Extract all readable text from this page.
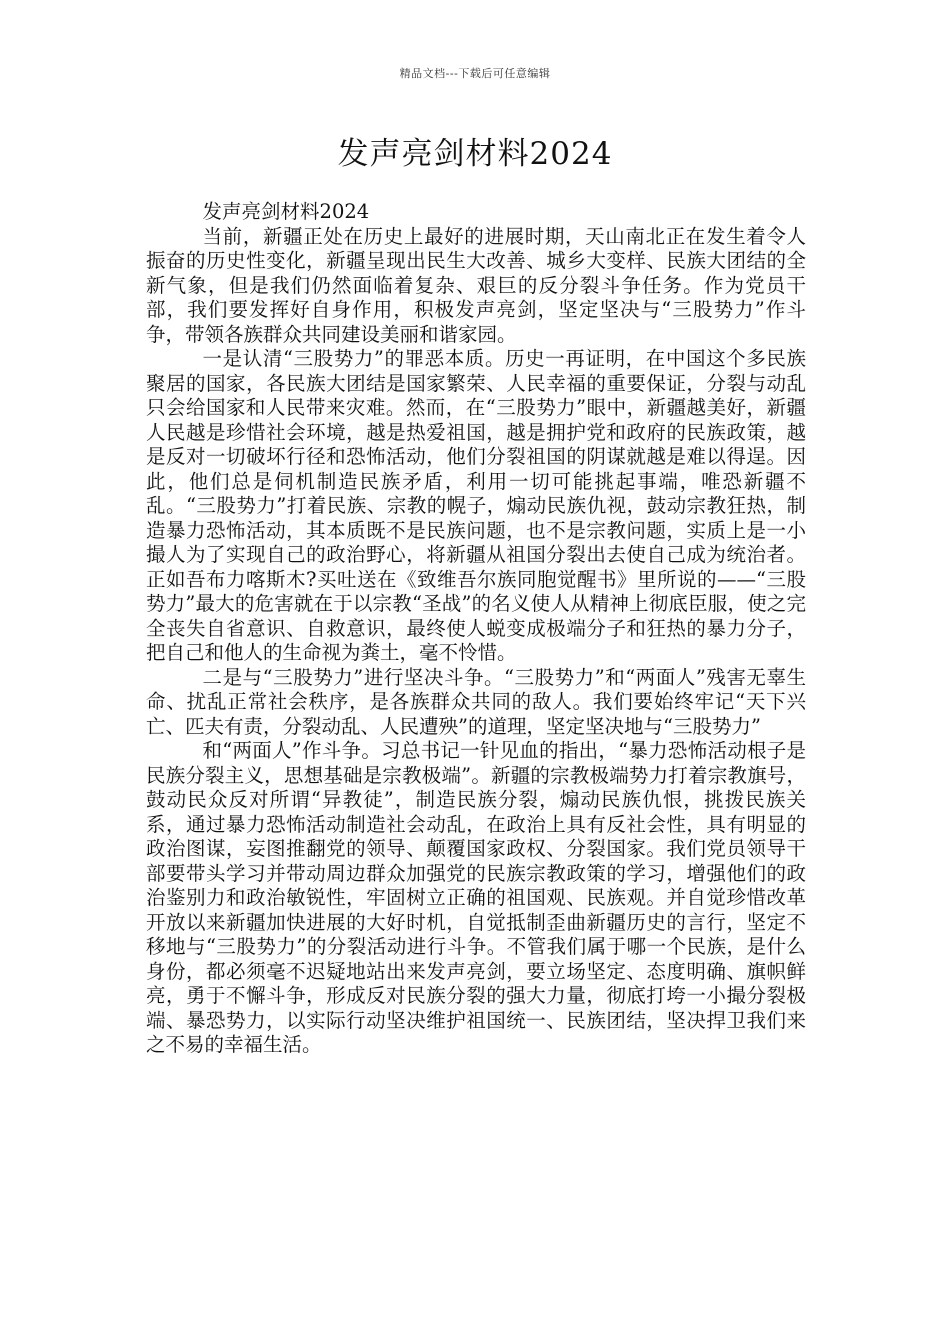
精品文档---下载后可任意编辑
发声亮剑材料2024

发声亮剑材料2024

当前，新疆正处在历史上最好的进展时期，天山南北正在发生着令人振奋的历史性变化，新疆呈现出民生大改善、城乡大变样、民族大团结的全新气象，但是我们仍然面临着复杂、艰巨的反分裂斗争任务。作为党员干部，我们要发挥好自身作用，积极发声亮剑，坚定坚决与“三股势力”作斗争，带领各族群众共同建设美丽和谐家园。

一是认清“三股势力”的罪恶本质。历史一再证明，在中国这个多民族聚居的国家，各民族大团结是国家繁荣、人民幸福的重要保证，分裂与动乱只会给国家和人民带来灾难。然而，在“三股势力”眼中，新疆越美好，新疆人民越是珍惜社会环境，越是热爱祖国，越是拥护党和政府的民族政策，越是反对一切破坏行径和恐怖活动，他们分裂祖国的阴谋就越是难以得逞。因此，他们总是伺机制造民族矛盾，利用一切可能挑起事端，唯恐新疆不乱。“三股势力”打着民族、宗教的幌子，煽动民族仇视，鼓动宗教狂热，制造暴力恐怖活动，其本质既不是民族问题，也不是宗教问题，实质上是一小撮人为了实现自己的政治野心，将新疆从祖国分裂出去使自己成为统治者。正如吾布力喀斯木?买吐送在《致维吾尔族同胞觉醒书》里所说的——“三股势力”最大的危害就在于以宗教“圣战”的名义使人从精神上彻底臣服，使之完全丧失自省意识、自救意识，最终使人蜕变成极端分子和狂热的暴力分子，把自己和他人的生命视为粪土，毫不怜惜。

二是与“三股势力”进行坚决斗争。“三股势力”和“两面人”残害无辜生命、扰乱正常社会秩序，是各族群众共同的敌人。我们要始终牢记“天下兴亡、匹夫有责，分裂动乱、人民遭殃”的道理，坚定坚决地与“三股势力”

和“两面人”作斗争。习总书记一针见血的指出，“暴力恐怖活动根子是民族分裂主义，思想基础是宗教极端”。新疆的宗教极端势力打着宗教旗号，鼓动民众反对所谓“异教徒”，制造民族分裂，煽动民族仇恨，挑拨民族关系，通过暴力恐怖活动制造社会动乱，在政治上具有反社会性，具有明显的政治图谋，妄图推翻党的领导、颠覆国家政权、分裂国家。我们党员领导干部要带头学习并带动周边群众加强党的民族宗教政策的学习，增强他们的政治鉴别力和政治敏锐性，牢固树立正确的祖国观、民族观。并自觉珍惜改革开放以来新疆加快进展的大好时机，自觉抵制歪曲新疆历史的言行，坚定不移地与“三股势力”的分裂活动进行斗争。不管我们属于哪一个民族，是什么身份，都必须毫不迟疑地站出来发声亮剑，要立场坚定、态度明确、旗帜鲜亮，勇于不懈斗争，形成反对民族分裂的强大力量，彻底打垮一小撮分裂极端、暴恐势力，以实际行动坚决维护祖国统一、民族团结，坚决捍卫我们来之不易的幸福生活。
